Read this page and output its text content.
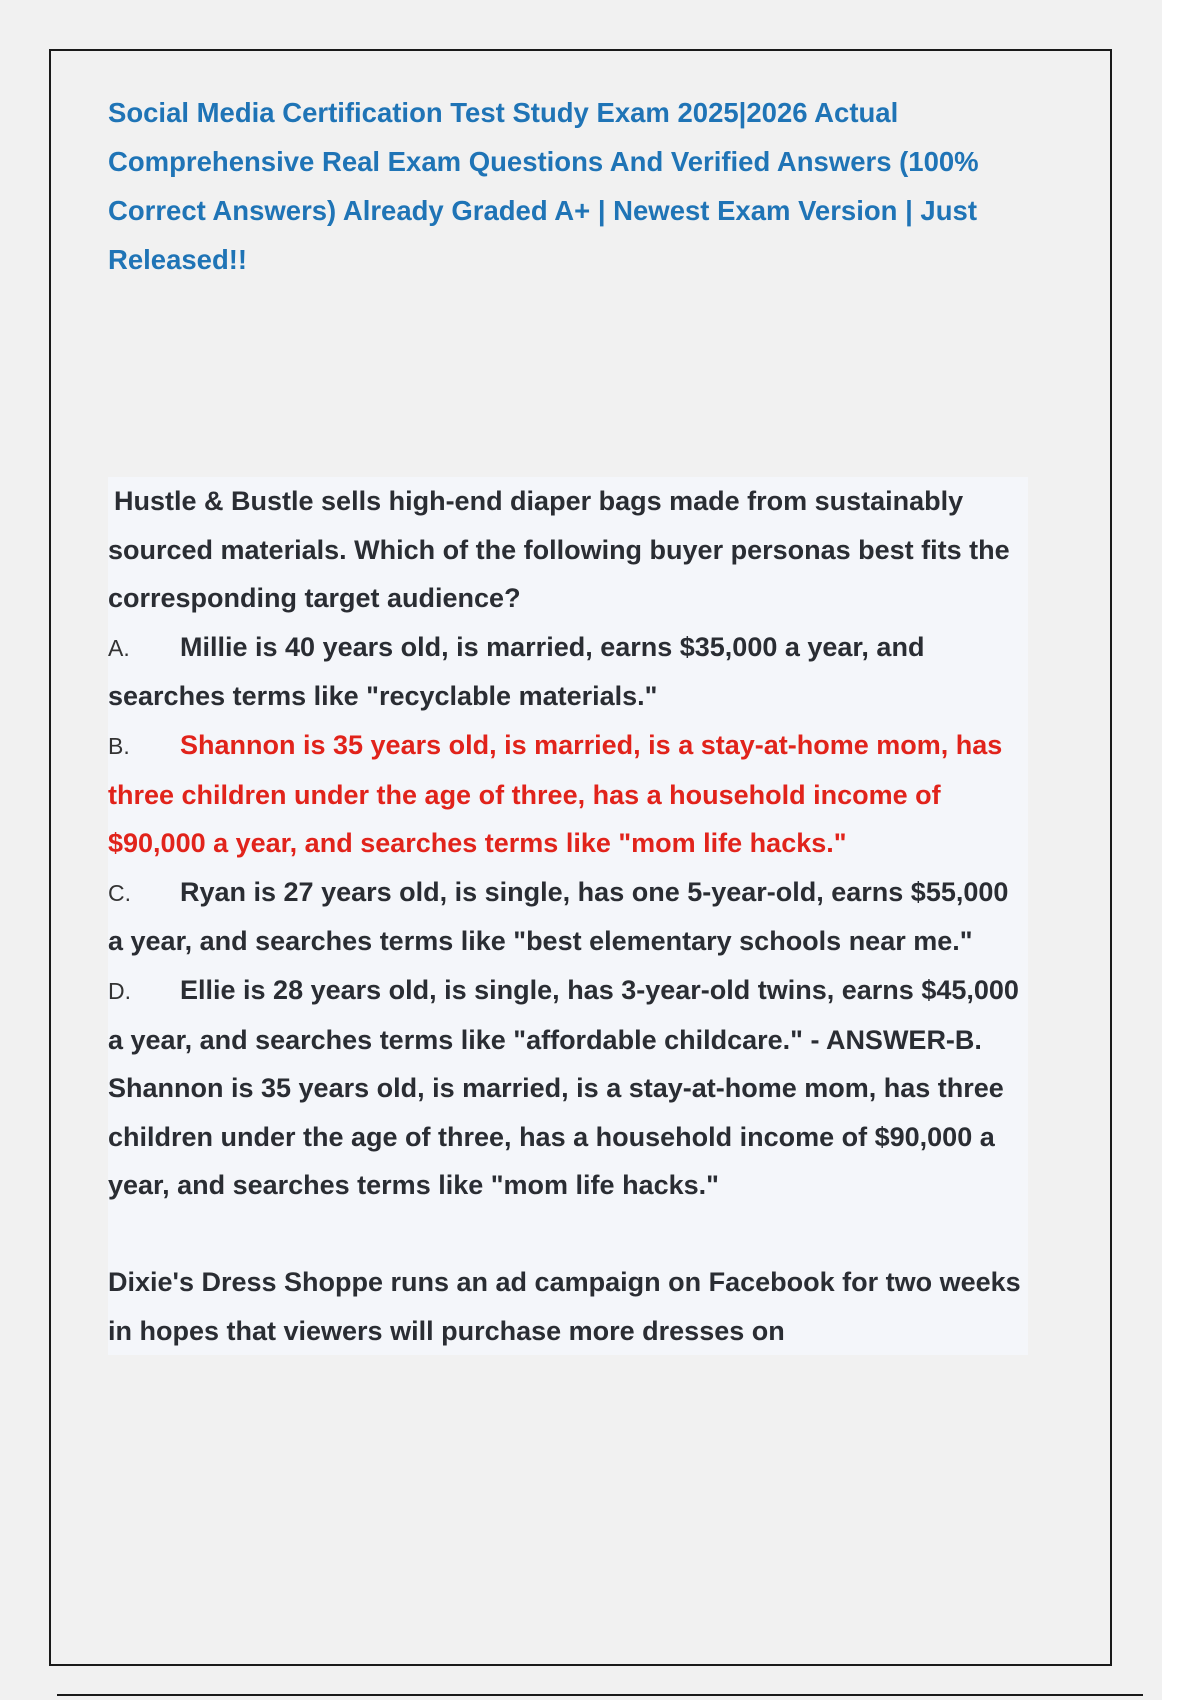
Social Media Certification Test Study Exam 2025|2026 Actual Comprehensive Real Exam Questions And Verified Answers (100% Correct Answers) Already Graded A+ | Newest Exam Version | Just Released!!

Hustle & Bustle sells high-end diaper bags made from sustainably sourced materials. Which of the following buyer personas best fits the corresponding target audience?

A. Millie is 40 years old, is married, earns $35,000 a year, and searches terms like "recyclable materials."

B. Shannon is 35 years old, is married, is a stay-at-home mom, has three children under the age of three, has a household income of $90,000 a year, and searches terms like "mom life hacks."

C. Ryan is 27 years old, is single, has one 5-year-old, earns $55,000 a year, and searches terms like "best elementary schools near me."

D. Ellie is 28 years old, is single, has 3-year-old twins, earns $45,000 a year, and searches terms like "affordable childcare." - ANSWER-B. Shannon is 35 years old, is married, is a stay-at-home mom, has three children under the age of three, has a household income of $90,000 a year, and searches terms like "mom life hacks."

Dixie's Dress Shoppe runs an ad campaign on Facebook for two weeks in hopes that viewers will purchase more dresses on
